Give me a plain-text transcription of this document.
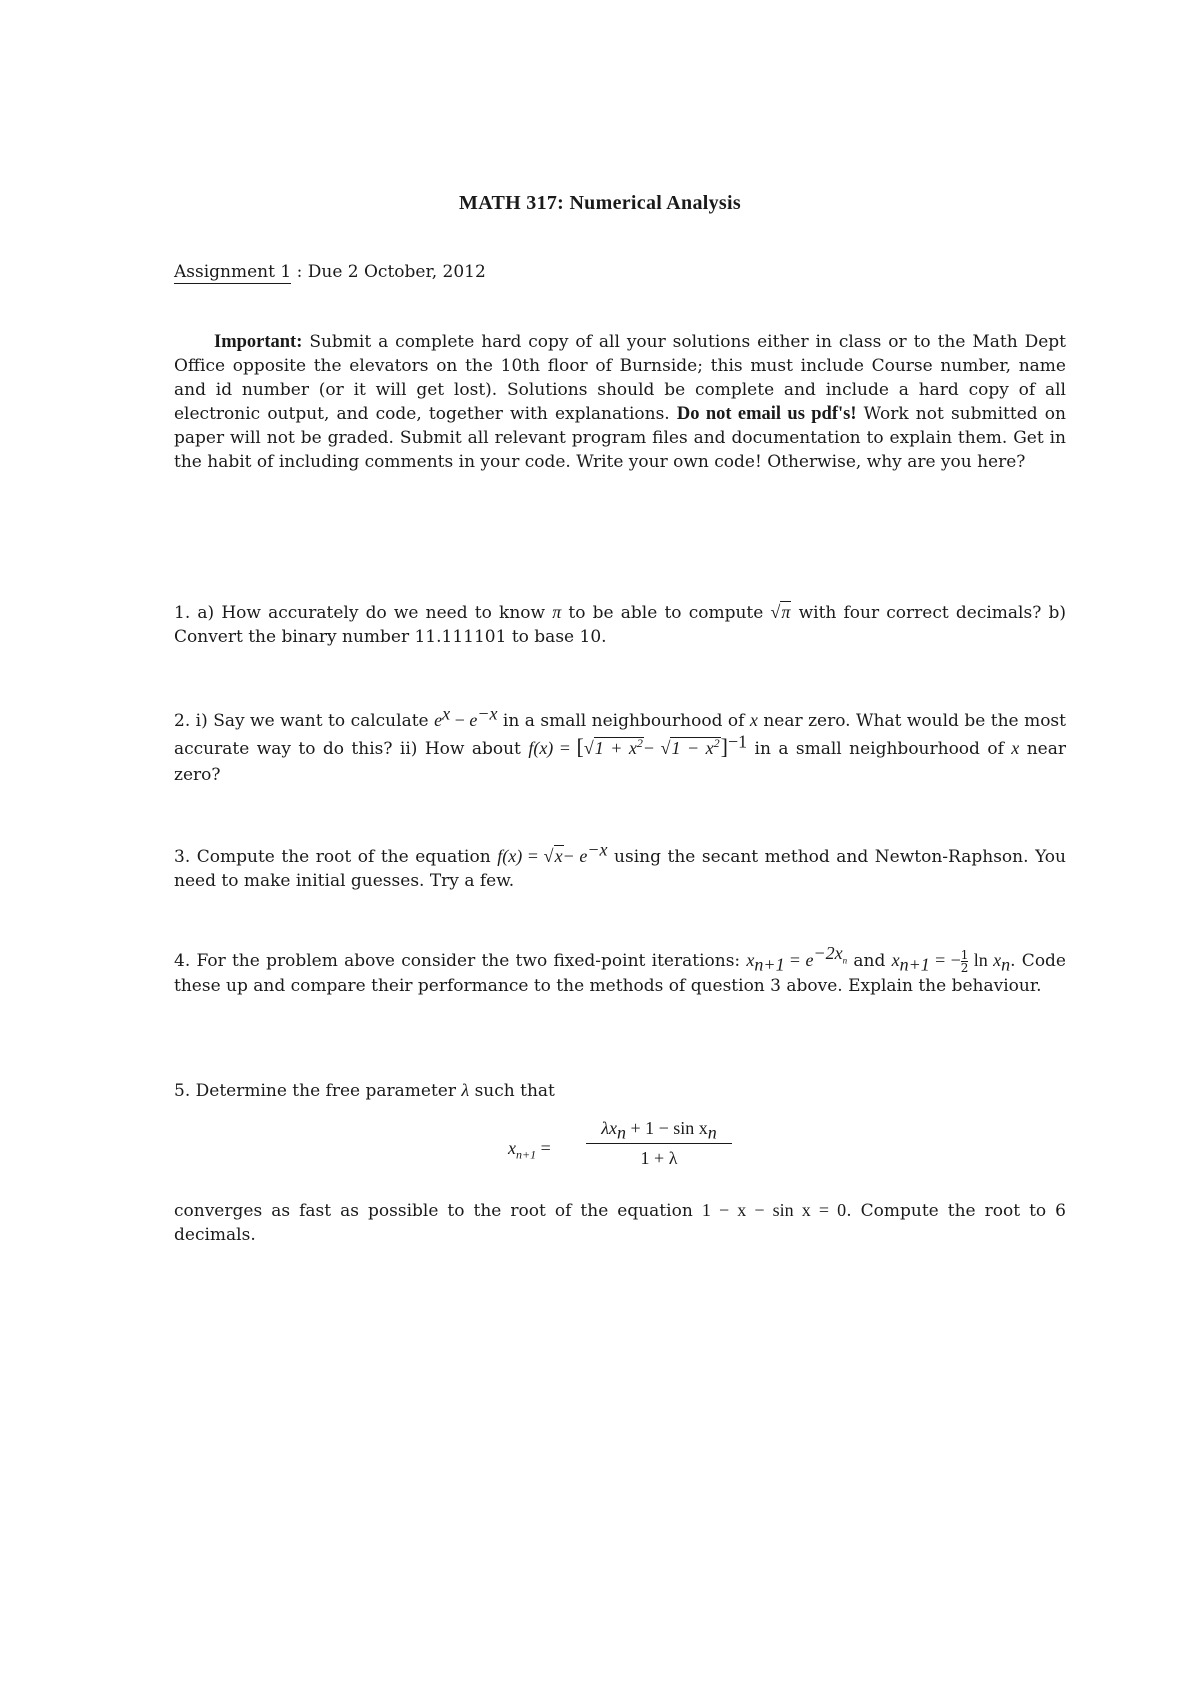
MATH 317: Numerical Analysis
Assignment 1 : Due 2 October, 2012
Important: Submit a complete hard copy of all your solutions either in class or to the Math Dept Office opposite the elevators on the 10th floor of Burnside; this must include Course number, name and id number (or it will get lost). Solutions should be complete and include a hard copy of all electronic output, and code, together with explanations. Do not email us pdf's! Work not submitted on paper will not be graded. Submit all relevant program files and documentation to explain them. Get in the habit of including comments in your code. Write your own code! Otherwise, why are you here?
1. a) How accurately do we need to know π to be able to compute √π with four correct decimals? b) Convert the binary number 11.111101 to base 10.
2. i) Say we want to calculate $e^x - e^{-x}$ in a small neighbourhood of x near zero. What would be the most accurate way to do this? ii) How about $f(x) = [√1 + x^2- √1 - x^2]^{-1}$ in a small neighbourhood of x near zero?
3. Compute the root of the equation $f(x) = √x- e^{-x}$ using the secant method and Newton-Raphson. You need to make initial guesses. Try a few.
4. For the problem above consider the two fixed-point iterations: $x_{n+1} = e^{-2x_n}$ and $x_{n+1}$ = − $\frac{1}{2}$ $\ln x_n$. Code these up and compare their performance to the methods of question 3 above. Explain the behaviour.
5. Determine the free parameter λ such that
$x_{n+1}$ =
$\lambda x_n + 1 - \sin x_n$
1 + λ
converges as fast as possible to the root of the equation 1 − x − sin x = 0. Compute the root to 6 decimals.
